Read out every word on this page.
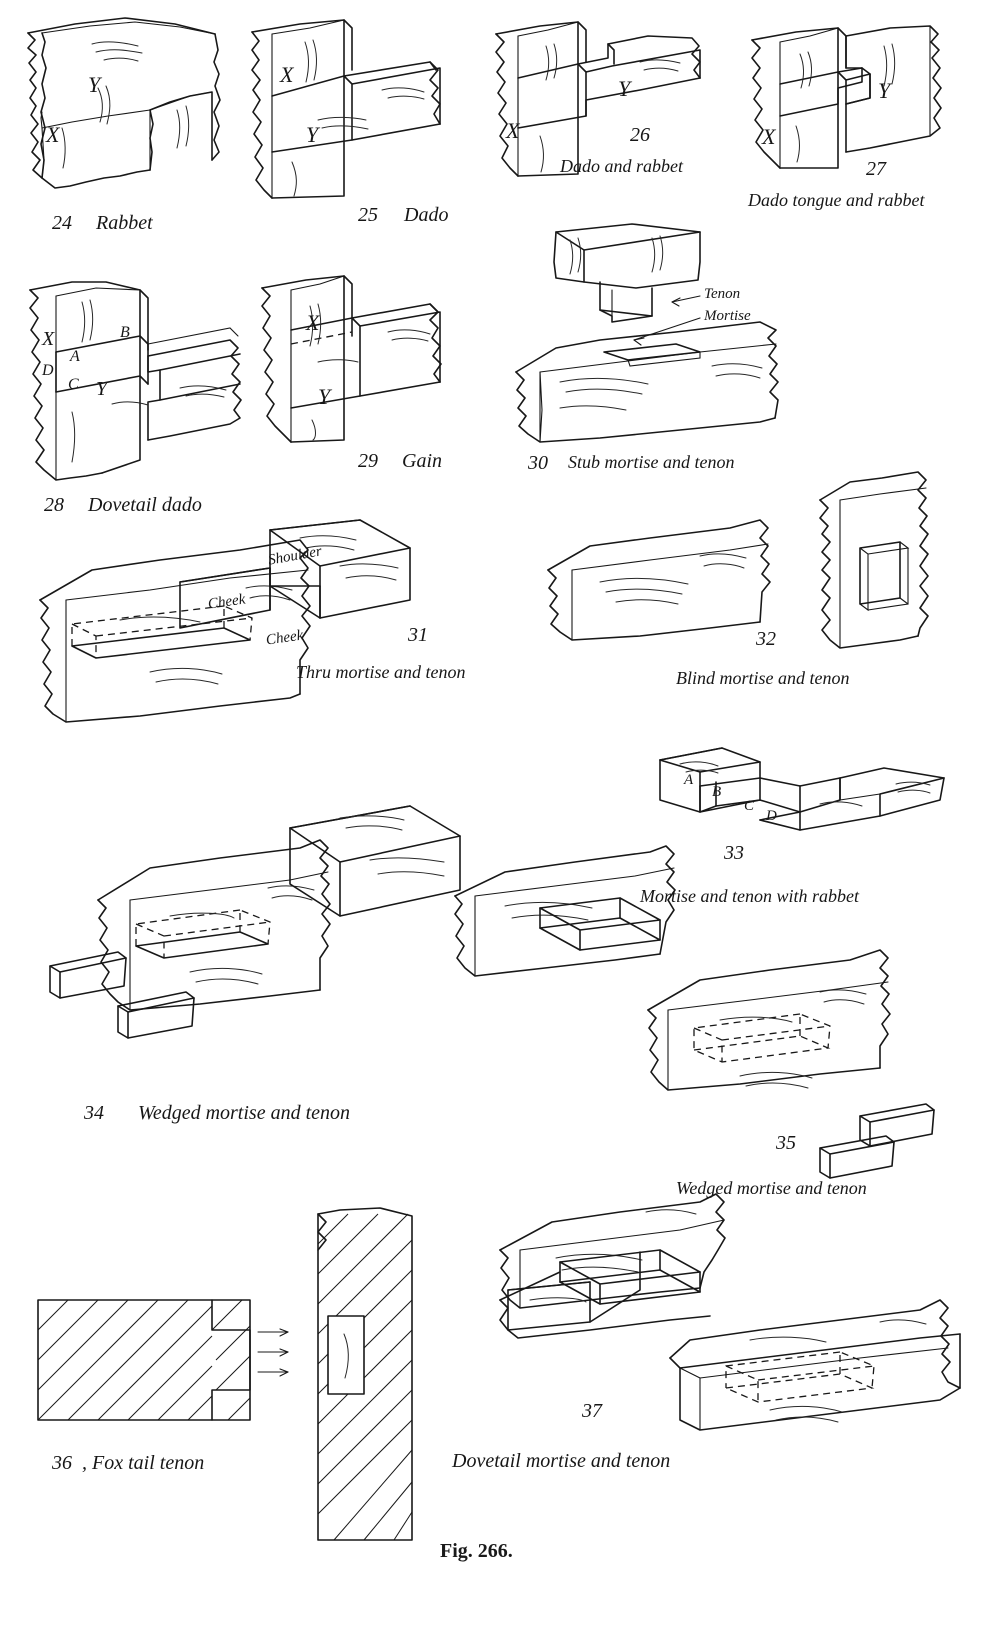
24 Rabbet
X
Y
25 Dado
X
Y	26
Dado and rabbet
X
Y
27
Dado tongue and rabbet
X
Y
28 Dovetail dado
X	B
A
D
C Y
29 Gain
X
Y
30 Stub mortise and tenon
Tenon
Mortise
31
Thru mortise and tenon
Shoulder
Cheek
Cheek	32
Blind mortise and tenon
33
Mortise and tenon with rabbet
A
B
C
D
34 Wedged mortise and tenon
35
Wedged mortise and tenon
36 , Fox tail tenon
37
Dovetail mortise and tenon
Fig. 266.
